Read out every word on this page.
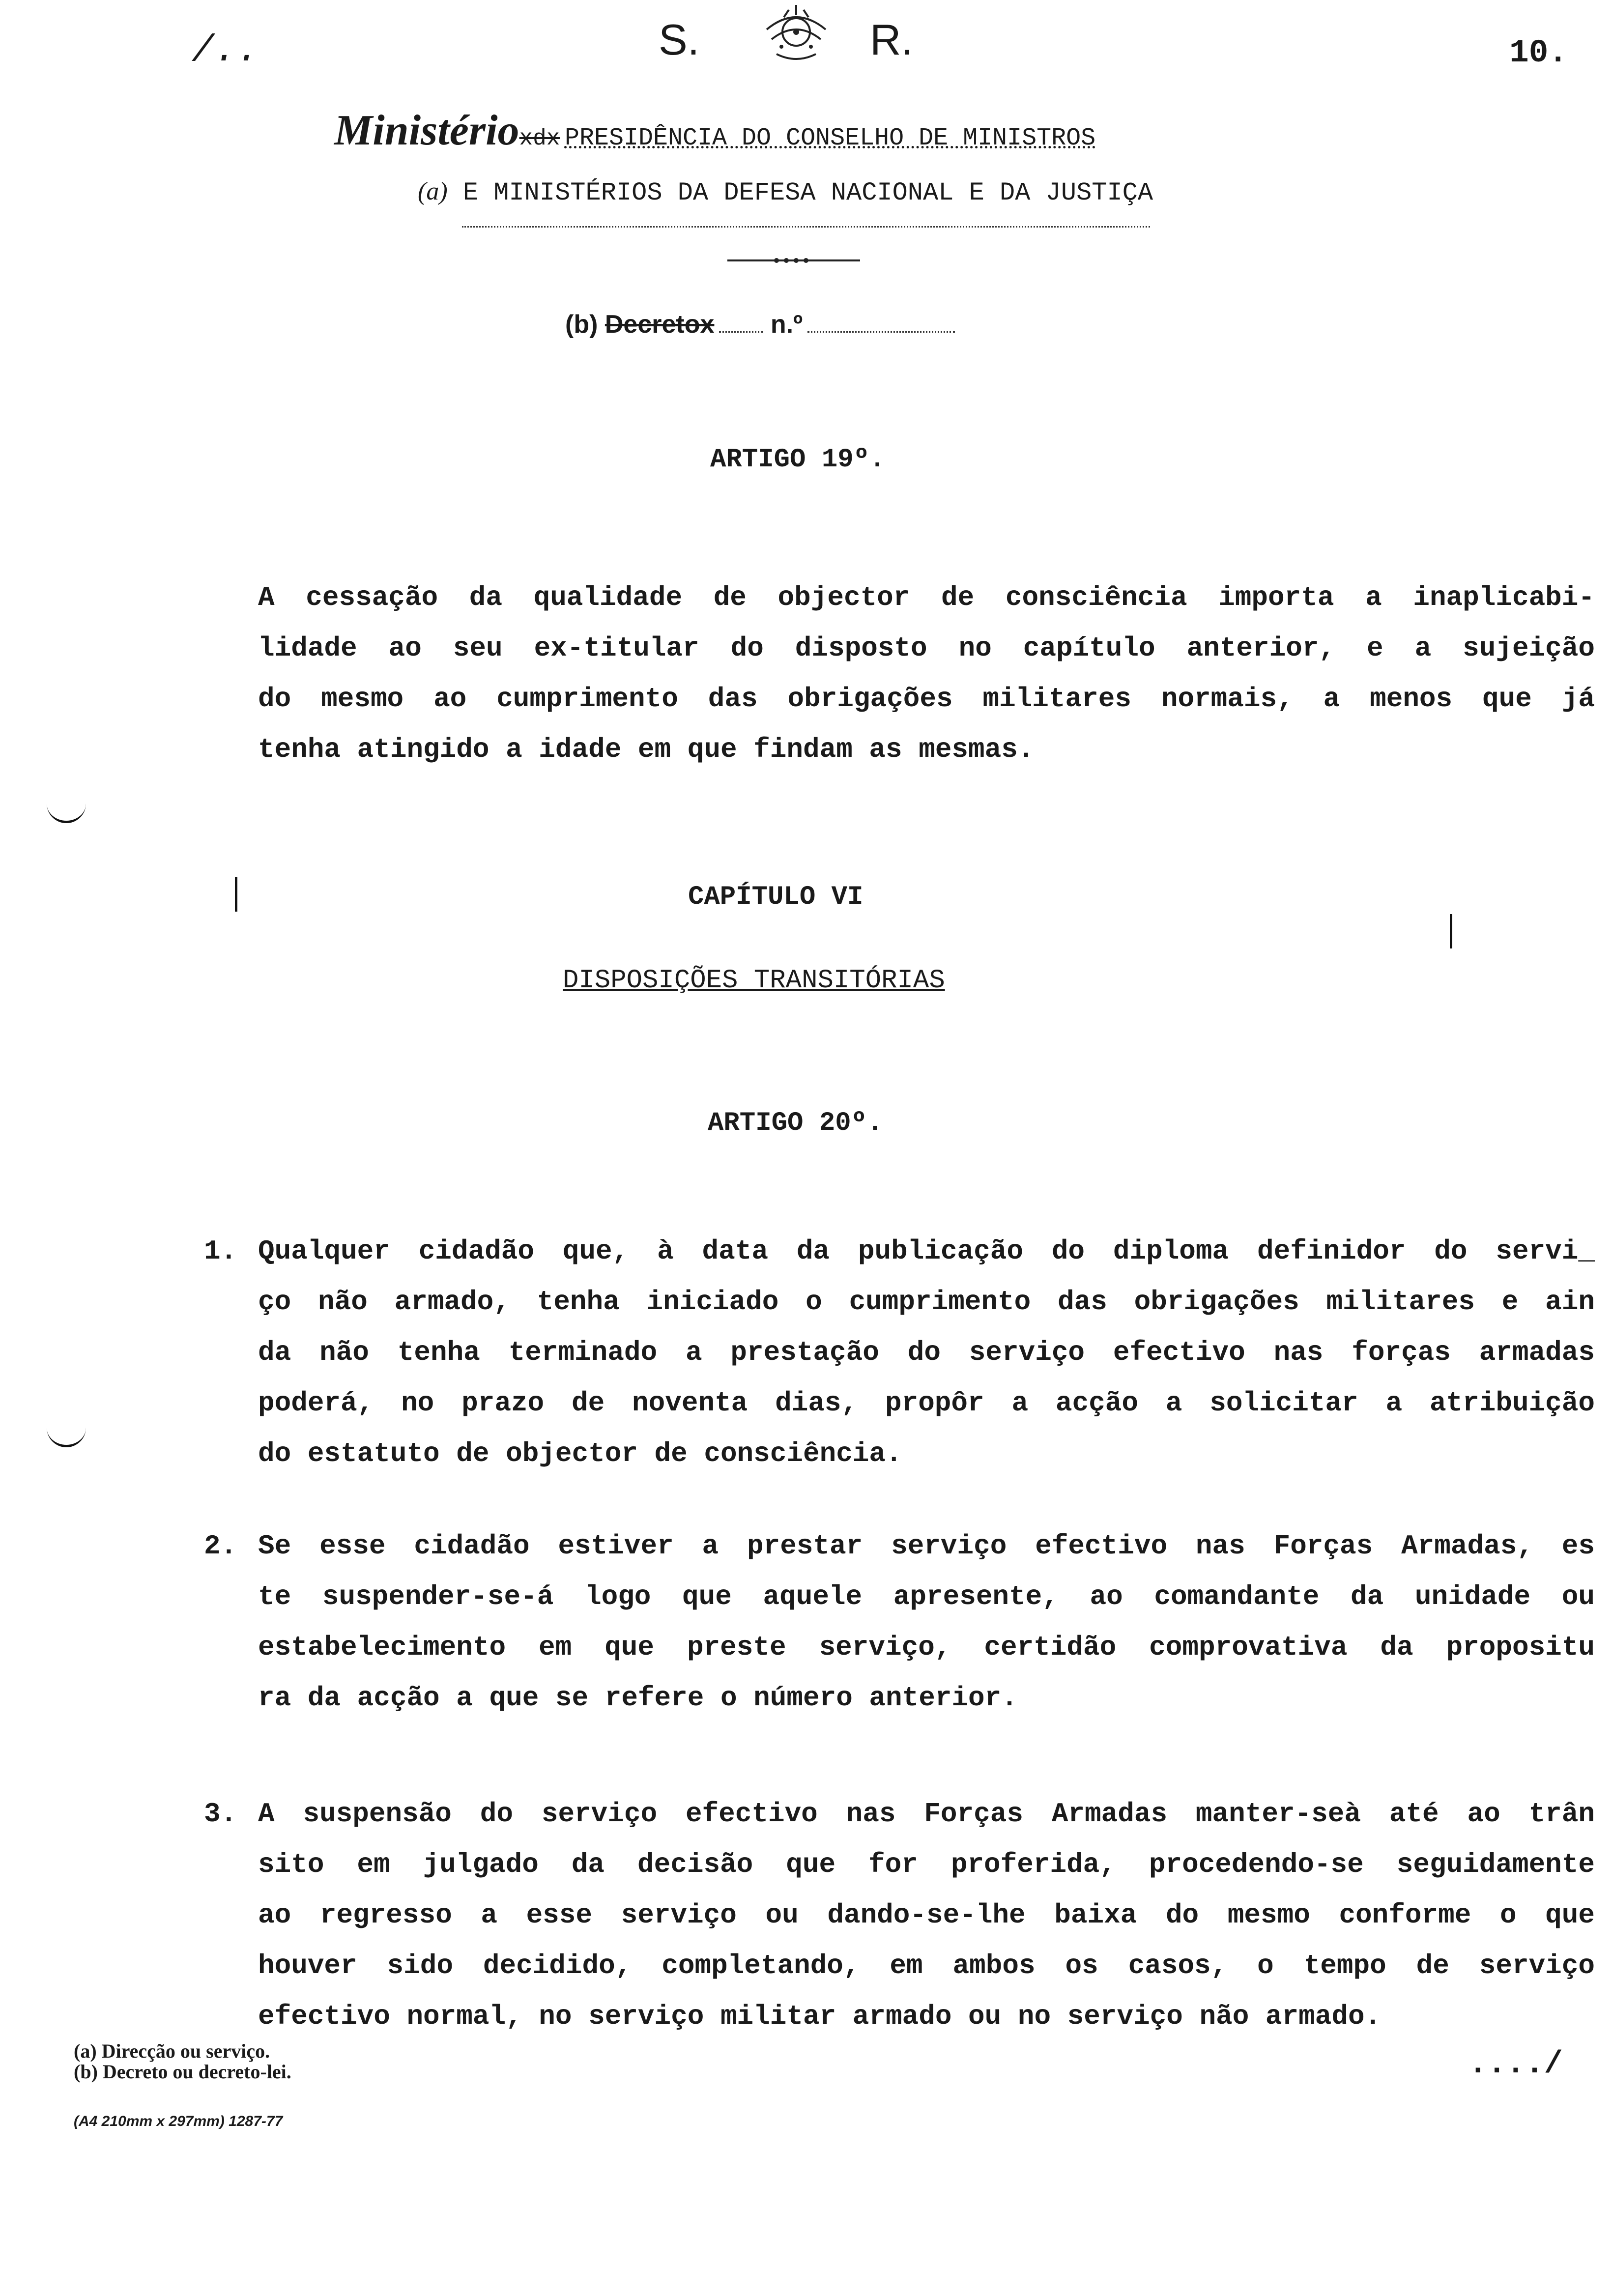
/..	S.	R.	10.
Ministérioxdx PRESIDÊNCIA DO CONSELHO DE MINISTROS
(a) E MINISTÉRIOS DA DEFESA NACIONAL E DA JUSTIÇA
(b) Decretox n.º
ARTIGO 19º.
A cessação da qualidade de objector de consciência importa a inaplicabi-
lidade ao seu ex-titular do disposto no capítulo anterior, e a sujeição
do mesmo ao cumprimento das obrigações militares normais, a menos que já
tenha atingido a idade em que findam as mesmas.
CAPÍTULO VI
DISPOSIÇÕES TRANSITÓRIAS
ARTIGO 20º.
1. Qualquer cidadão que, à data da publicação do diploma definidor do servi_
ço não armado, tenha iniciado o cumprimento das obrigações militares e ain
da não tenha terminado a prestação do serviço efectivo nas forças armadas
poderá, no prazo de noventa dias, propôr a acção a solicitar a atribuição
do estatuto de objector de consciência.
2. Se esse cidadão estiver a prestar serviço efectivo nas Forças Armadas, es
te suspender-se-á logo que aquele apresente, ao comandante da unidade ou
estabelecimento em que preste serviço, certidão comprovativa da propositu
ra da acção a que se refere o número anterior.
3. A suspensão do serviço efectivo nas Forças Armadas manter-seà até ao trân
sito em julgado da decisão que for proferida, procedendo-se seguidamente
ao regresso a esse serviço ou dando-se-lhe baixa do mesmo conforme o que
houver sido decidido, completando, em ambos os casos, o tempo de serviço
efectivo normal, no serviço militar armado ou no serviço não armado.
(a) Direcção ou serviço.
(b) Decreto ou decreto-lei.
(A4 210mm x 297mm) 1287-77
..../
